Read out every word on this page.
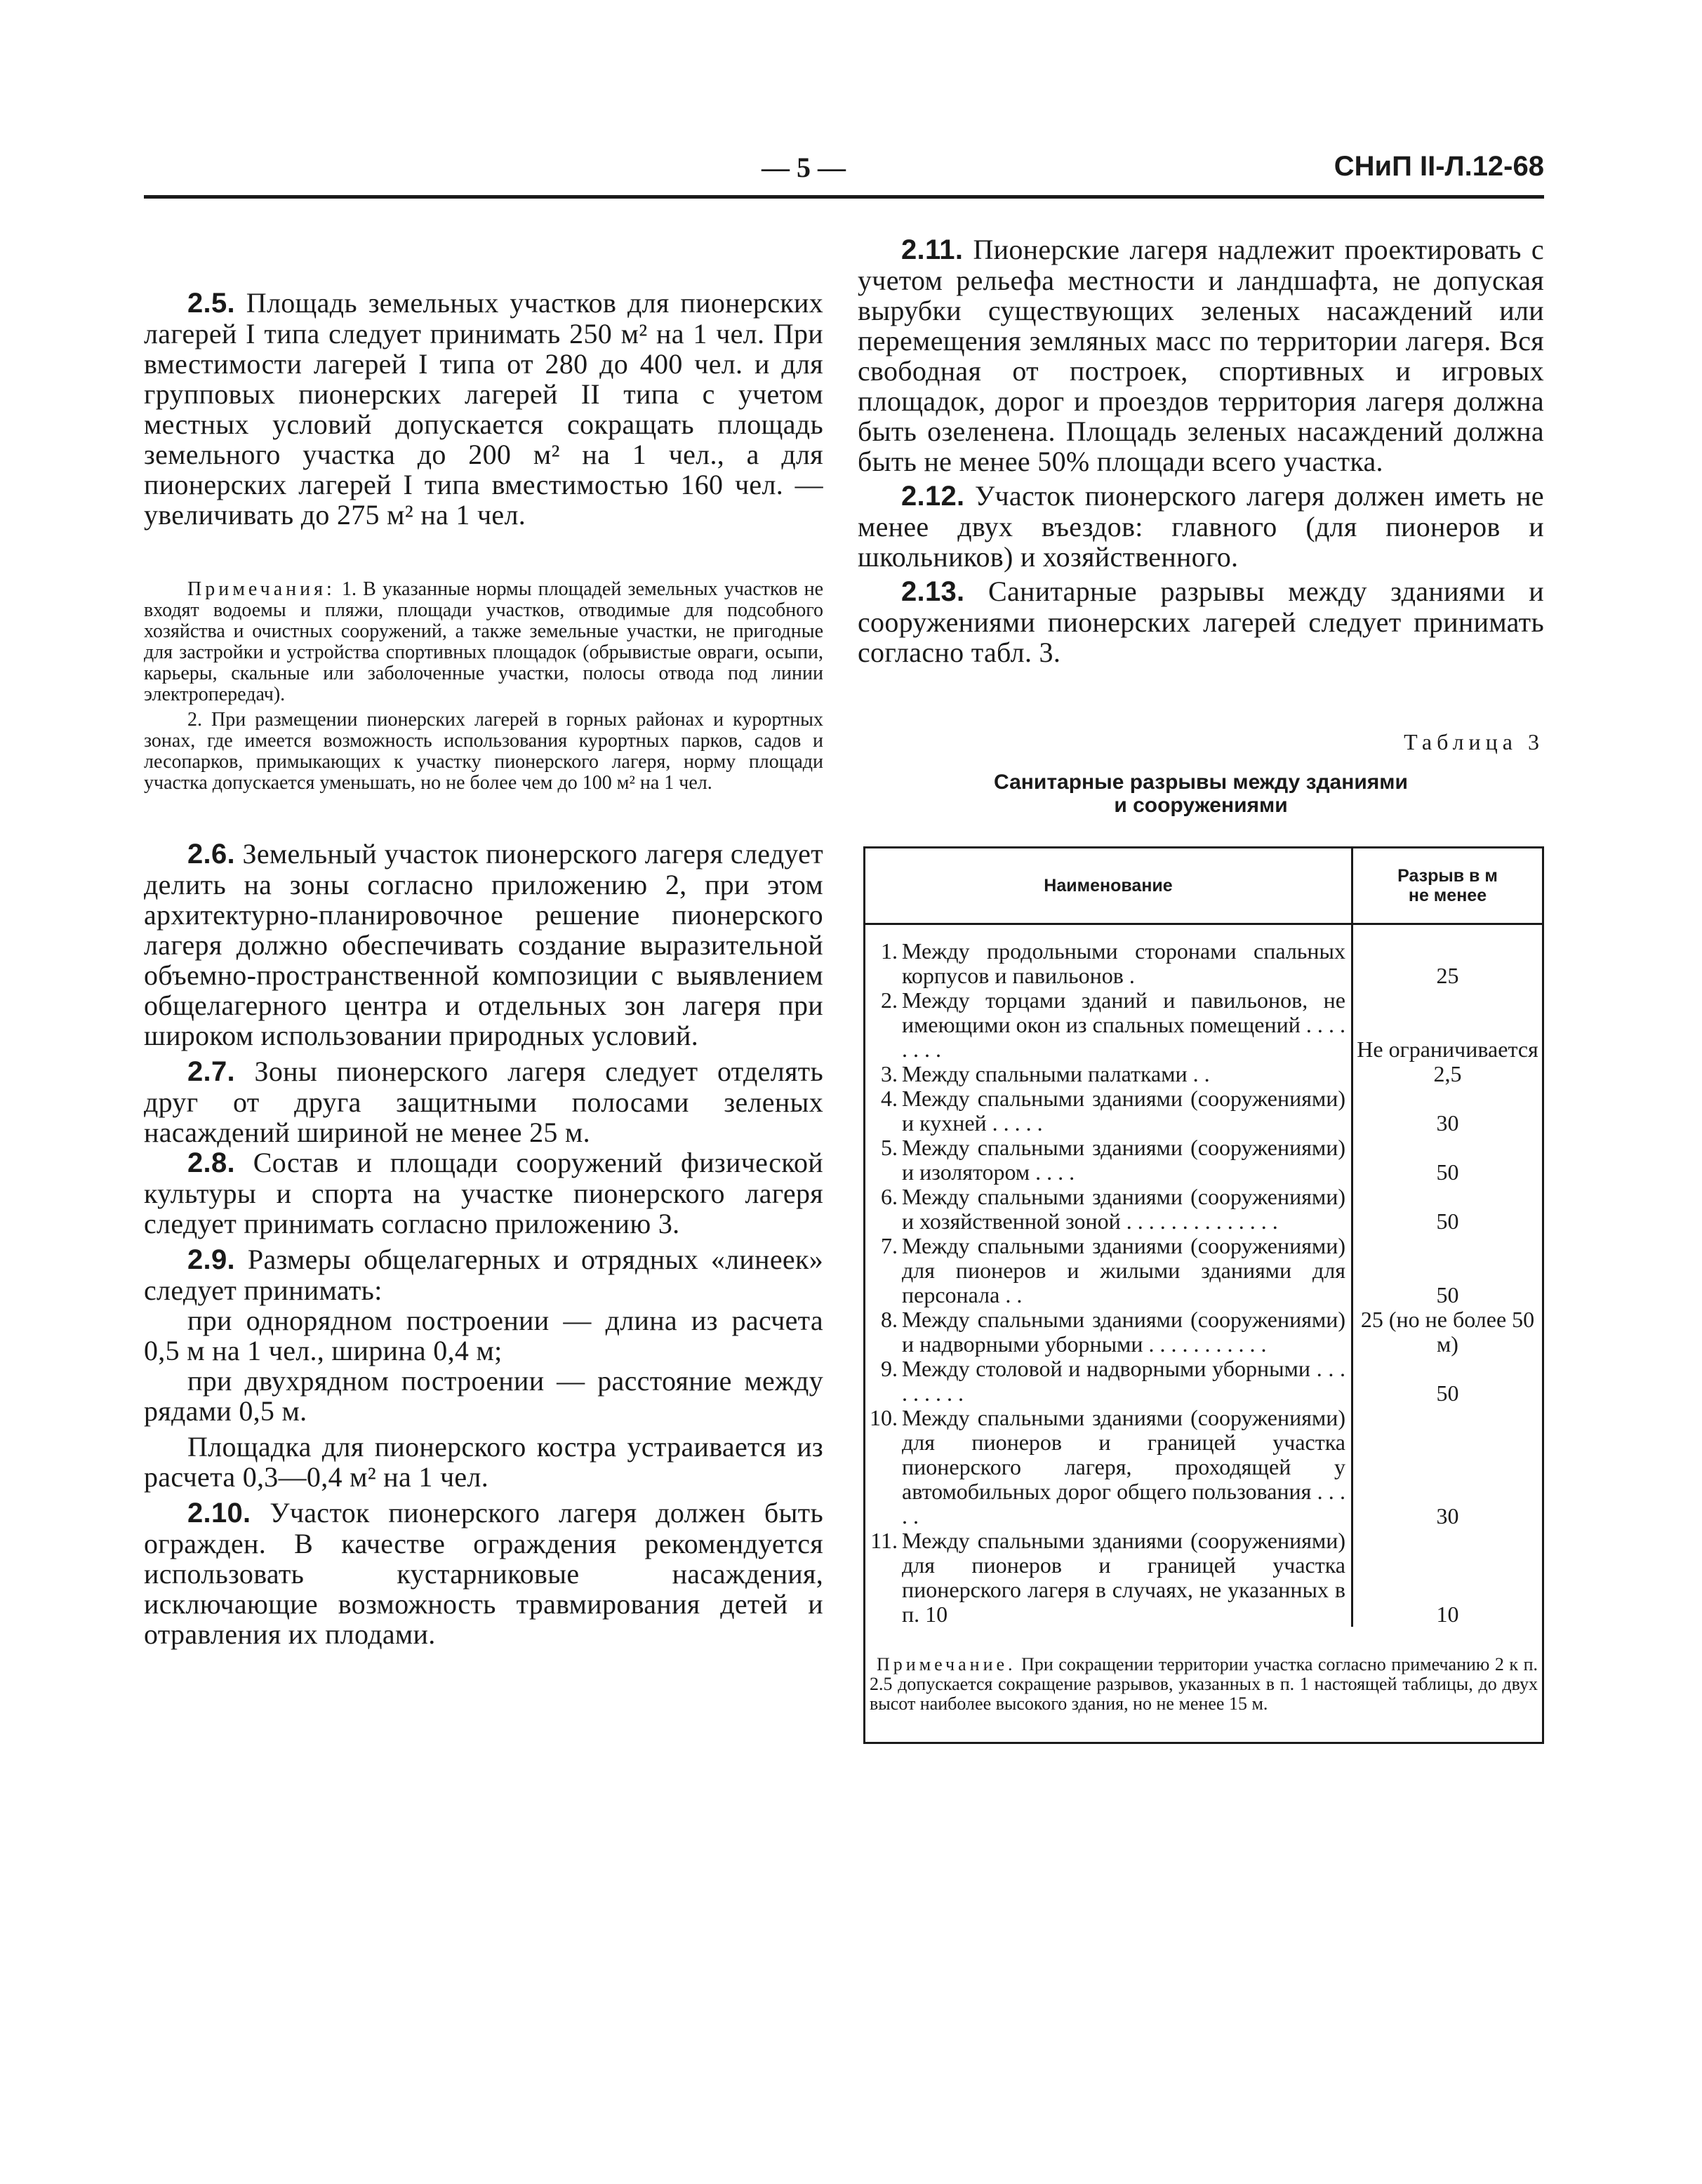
— 5 —	СНиП II-Л.12-68

2.5. Площадь земельных участков для пионерских лагерей I типа следует принимать 250 м² на 1 чел. При вместимости лагерей I типа от 280 до 400 чел. и для групповых пионерских лагерей II типа с учетом местных условий допускается сокращать площадь земельного участка до 200 м² на 1 чел., а для пионерских лагерей I типа вместимостью 160 чел. — увеличивать до 275 м² на 1 чел.

Примечания: 1. В указанные нормы площадей земельных участков не входят водоемы и пляжи, площади участков, отводимые для подсобного хозяйства и очистных сооружений, а также земельные участки, не пригодные для застройки и устройства спортивных площадок (обрывистые овраги, осыпи, карьеры, скальные или заболоченные участки, полосы отвода под линии электропередач).

2. При размещении пионерских лагерей в горных районах и курортных зонах, где имеется возможность использования курортных парков, садов и лесопарков, примыкающих к участку пионерского лагеря, норму площади участка допускается уменьшать, но не более чем до 100 м² на 1 чел.

2.6. Земельный участок пионерского лагеря следует делить на зоны согласно приложению 2, при этом архитектурно-планировочное решение пионерского лагеря должно обеспечивать создание выразительной объемно-пространственной композиции с выявлением общелагерного центра и отдельных зон лагеря при широком использовании природных условий.

2.7. Зоны пионерского лагеря следует отделять друг от друга защитными полосами зеленых насаждений шириной не менее 25 м.

2.8. Состав и площади сооружений физической культуры и спорта на участке пионерского лагеря следует принимать согласно приложению 3.

2.9. Размеры общелагерных и отрядных «линеек» следует принимать:

при однорядном построении — длина из расчета 0,5 м на 1 чел., ширина 0,4 м;

при двухрядном построении — расстояние между рядами 0,5 м.

Площадка для пионерского костра устраивается из расчета 0,3—0,4 м² на 1 чел.

2.10. Участок пионерского лагеря должен быть огражден. В качестве ограждения рекомендуется использовать кустарниковые насаждения, исключающие возможность травмирования детей и отравления их плодами.

2.11. Пионерские лагеря надлежит проектировать с учетом рельефа местности и ландшафта, не допуская вырубки существующих зеленых насаждений или перемещения земляных масс по территории лагеря. Вся свободная от построек, спортивных и игровых площадок, дорог и проездов территория лагеря должна быть озеленена. Площадь зеленых насаждений должна быть не менее 50% площади всего участка.

2.12. Участок пионерского лагеря должен иметь не менее двух въездов: главного (для пионеров и школьников) и хозяйственного.

2.13. Санитарные разрывы между зданиями и сооружениями пионерских лагерей следует принимать согласно табл. 3.

Таблица 3

Санитарные разрывы между зданиями
и сооружениями

Наименование	Разрыв в м
не менее

1. Между продольными сторонами спальных корпусов и павильонов .	25

2. Между торцами зданий и павильонов, не имеющими окон из спальных помещений . . . . . . . .	Не ограничивается

3. Между спальными палатками . .	2,5

4. Между спальными зданиями (сооружениями) и кухней . . . . .	30

5. Между спальными зданиями (сооружениями) и изолятором . . . .	50

6. Между спальными зданиями (сооружениями) и хозяйственной зоной . . . . . . . . . . . . . .	50

7. Между спальными зданиями (сооружениями) для пионеров и жилыми зданиями для персонала . .	50

8. Между спальными зданиями (сооружениями) и надворными уборными . . . . . . . . . . .	25 (но не более 50 м)

9. Между столовой и надворными уборными . . . . . . . . .	50

10. Между спальными зданиями (сооружениями) для пионеров и границей участка пионерского лагеря, проходящей у автомобильных дорог общего пользования . . . . .	30

11. Между спальными зданиями (сооружениями) для пионеров и границей участка пионерского лагеря в случаях, не указанных в п. 10	10

Примечание. При сокращении территории участка согласно примечанию 2 к п. 2.5 допускается сокращение разрывов, указанных в п. 1 настоящей таблицы, до двух высот наиболее высокого здания, но не менее 15 м.
